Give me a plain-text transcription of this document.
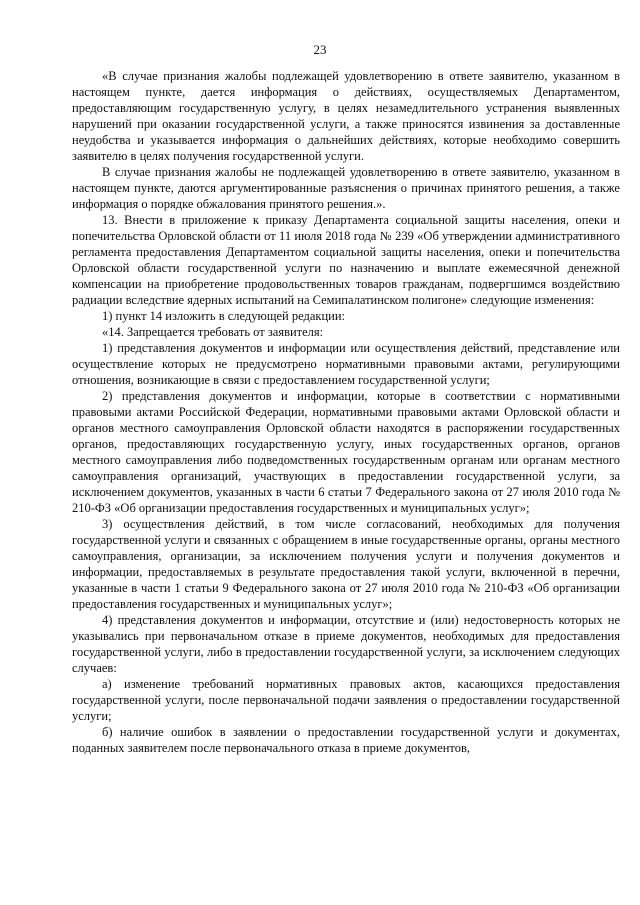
23

«В случае признания жалобы подлежащей удовлетворению в ответе заявителю, указанном в настоящем пункте, дается информация о действиях, осуществляемых Департаментом, предоставляющим государственную услугу, в целях незамедлительного устранения выявленных нарушений при оказании государственной услуги, а также приносятся извинения за доставленные неудобства и указывается информация о дальнейших действиях, которые необходимо совершить заявителю в целях получения государственной услуги.

В случае признания жалобы не подлежащей удовлетворению в ответе заявителю, указанном в настоящем пункте, даются аргументированные разъяснения о причинах принятого решения, а также информация о порядке обжалования принятого решения.».

13. Внести в приложение к приказу Департамента социальной защиты населения, опеки и попечительства Орловской области от 11 июля 2018 года № 239 «Об утверждении административного регламента предоставления Департаментом социальной защиты населения, опеки и попечительства Орловской области государственной услуги по назначению и выплате ежемесячной денежной компенсации на приобретение продовольственных товаров гражданам, подвергшимся воздействию радиации вследствие ядерных испытаний на Семипалатинском полигоне» следующие изменения:

1) пункт 14 изложить в следующей редакции:

«14. Запрещается требовать от заявителя:

1) представления документов и информации или осуществления действий, представление или осуществление которых не предусмотрено нормативными правовыми актами, регулирующими отношения, возникающие в связи с предоставлением государственной услуги;

2) представления документов и информации, которые в соответствии с нормативными правовыми актами Российской Федерации, нормативными правовыми актами Орловской области и органов местного самоуправления Орловской области находятся в распоряжении государственных органов, предоставляющих государственную услугу, иных государственных органов, органов местного самоуправления либо подведомственных государственным органам или органам местного самоуправления организаций, участвующих в предоставлении государственной услуги, за исключением документов, указанных в части 6 статьи 7 Федерального закона от 27 июля 2010 года № 210-ФЗ «Об организации предоставления государственных и муниципальных услуг»;

3) осуществления действий, в том числе согласований, необходимых для получения государственной услуги и связанных с обращением в иные государственные органы, органы местного самоуправления, организации, за исключением получения услуги и получения документов и информации, предоставляемых в результате предоставления такой услуги, включенной в перечни, указанные в части 1 статьи 9 Федерального закона от 27 июля 2010 года № 210-ФЗ «Об организации предоставления государственных и муниципальных услуг»;

4) представления документов и информации, отсутствие и (или) недостоверность которых не указывались при первоначальном отказе в приеме документов, необходимых для предоставления государственной услуги, либо в предоставлении государственной услуги, за исключением следующих случаев:

а) изменение требований нормативных правовых актов, касающихся предоставления государственной услуги, после первоначальной подачи заявления о предоставлении государственной услуги;

б) наличие ошибок в заявлении о предоставлении государственной услуги и документах, поданных заявителем после первоначального отказа в приеме документов,
